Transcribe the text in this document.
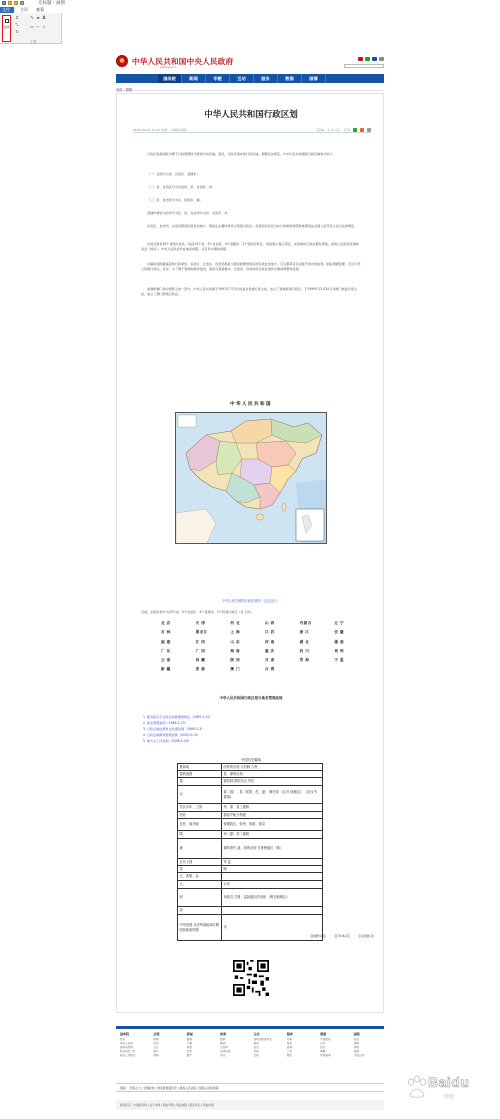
无标题 - 画图
文件	主页	查看
选择
⌗
⤡
↻
✎ ▰ A
▭ ⌁ ⌕
工具
中华人民共和国中央人民政府
www.gov.cn
国务院	新闻	专题	互动	服务	数据	国情
首页›国情
中华人民共和国行政区划
2005-06-15 17:25 来源： 中国政府网	【字体：大 中 小】 打印

行政区划是国家为便于行政管理而分级划分的区域。因此，行政区划亦称行政区域。根据宪法规定，中华人民共和国的行政区域划分如下：

（一）全国分为省、自治区、直辖市；

（二）省、自治区分为自治州、县、自治县、市；

（三）县、自治县分为乡、民族乡、镇。

直辖市和较大的市分为区、县。自治州分为县、自治县、市。

自治区、自治州、自治县都是民族自治地方。国家在必要时得设立特别行政区。在特别行政区内实行的制度按照具体情况由全国人民代表大会以法律规定。

目前全国有34个省级行政区，包括23个省、5个自治区、4个直辖市、2个特别行政区。包括港上海江等区，省会城市行政区都有规划。省级人民政府驻地称省会（首府），中央人民政府所在地是首都，北京是中国的首都。

乡镇是我国最基层的行政单位。省会区、自治区、自治县都是少数民族聚居地区的民族自治地方，它们都享有宪法赋予的自治权利。国家根据需要，还可以设立特别行政区。其中，为了便于管理和经济建设，国家可将直辖市、自治县、县或市的行政区划作必要的调整和变更。

香港和澳门是中国领土的一部分。中华人民共和国于1997年7月1日恢复对香港行使主权，成立了香港特别行政区。于1999年12月20日对澳门恢复行使主权，成立了澳门特别行政区。

中华人民共和国
中华人民共和国行政区划图（点击放大）

目前，全国共划分为23个省、5个自治区、4个直辖市、2个特别行政区（见下表）。

北 京	天 津	河 北	山 西	内蒙古	辽 宁
吉 林	黑龙江	上 海	江 苏	浙 江	安 徽
福 建	江 西	山 东	河 南	湖 北	湖 南
广 东	广 西	海 南	重 庆	四 川	贵 州
云 南	西 藏	陕 西	甘 肃	青 海	宁 夏
新 疆	香 港	澳 门	台 湾
中华人民共和国行政区划与地名管理法规
1. 国务院关于行政区划管理的规定（1985-1-15）
2. 地名管理条例（1986-1-23）
3. 行政区域边界争议处理条例（1989-2-3）
4. 行政区域界线管理条例（2002-5-13）
5. 地方志工作条例（2006-5-18）
中国历史疆域
夏商周	国家的出现 分封制 九州
春秋战国	县、郡的出现
秦	郡县制 郡的名目 内史
汉	郡（国）、县（侯国、邑、道） 刺史部 《汉书 地理志》 《后汉书 郡国》
东汉末年、三国	州、郡、县三级制
西晋	郡县并船分等级
东晋、南北朝	侨置政区，侨州、侨郡、侨县
隋	州（郡）县二级制
唐	郡的消失 道、府的出现 节度使辖区（镇）
五代十国	军 监
宋	路
辽、西夏、金	
元	行省
明	布政司 总督、巡抚辖区的出现 《明史地理志》
清	
中华民国 北洋军阀政府时期 国民政府时期	市
【我要纠错】 【打印本页】 【关闭窗口】
国务院
首页
领导人活动
国务院机构
政府信息公开
政府工作报告
总理
新闻
讲话
文章
图片
视频
新闻
要闻
专题
政策
发布
图片
政策
最新
解读
文件库
法律法规
问答
互动
我向总理说句话
督查
留言
访谈
征集
服务
办事
服务
查询
公告
便民
数据
宏观经济
民生
统计
图解
快速查询
国情
宪法
国旗
国歌
国徽
行政区划
链接： 全国人大 | 全国政协 | 国家监察委员会 | 最高人民法院 | 最高人民检察院
版权所有：中国政府网 | 关于本网 | 网站声明 | 网站地图 | 联系我们 | 网站纠错
Baidu
经验
